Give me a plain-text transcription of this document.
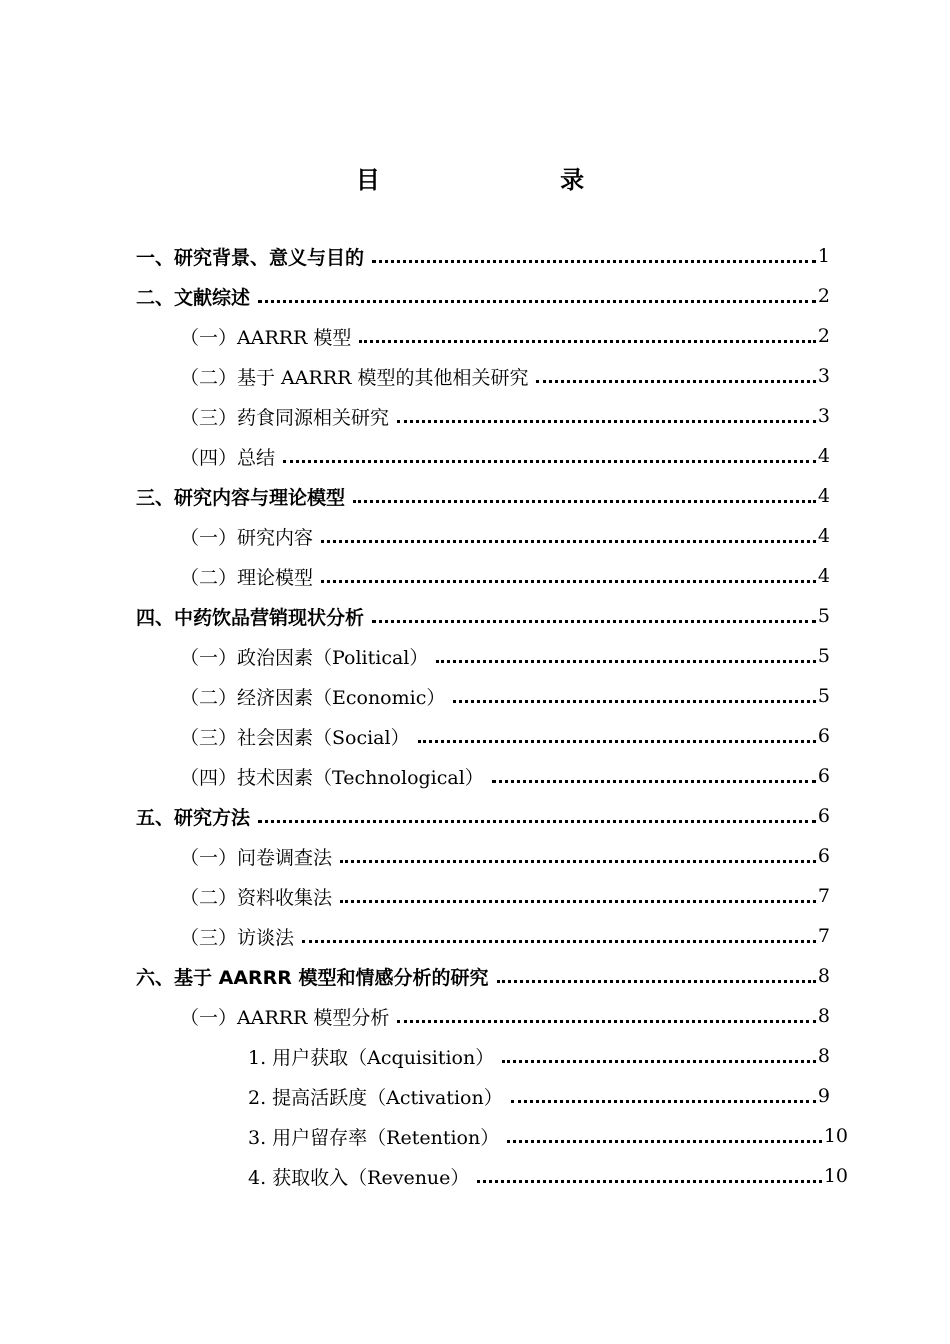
目 录
一、研究背景、意义与目的	1
二、文献综述	2
（一）AARRR 模型	2
（二）基于 AARRR 模型的其他相关研究	3
（三）药食同源相关研究	3
（四）总结	4
三、研究内容与理论模型	4
（一）研究内容	4
（二）理论模型	4
四、中药饮品营销现状分析	5
（一）政治因素（Political）	5
（二）经济因素（Economic）	5
（三）社会因素（Social）	6
（四）技术因素（Technological）	6
五、研究方法	6
（一）问卷调查法	6
（二）资料收集法	7
（三）访谈法	7
六、基于 AARRR 模型和情感分析的研究	8
（一）AARRR 模型分析	8
1. 用户获取（Acquisition）	8
2. 提高活跃度（Activation）	9
3. 用户留存率（Retention）	10
4. 获取收入（Revenue）	10
